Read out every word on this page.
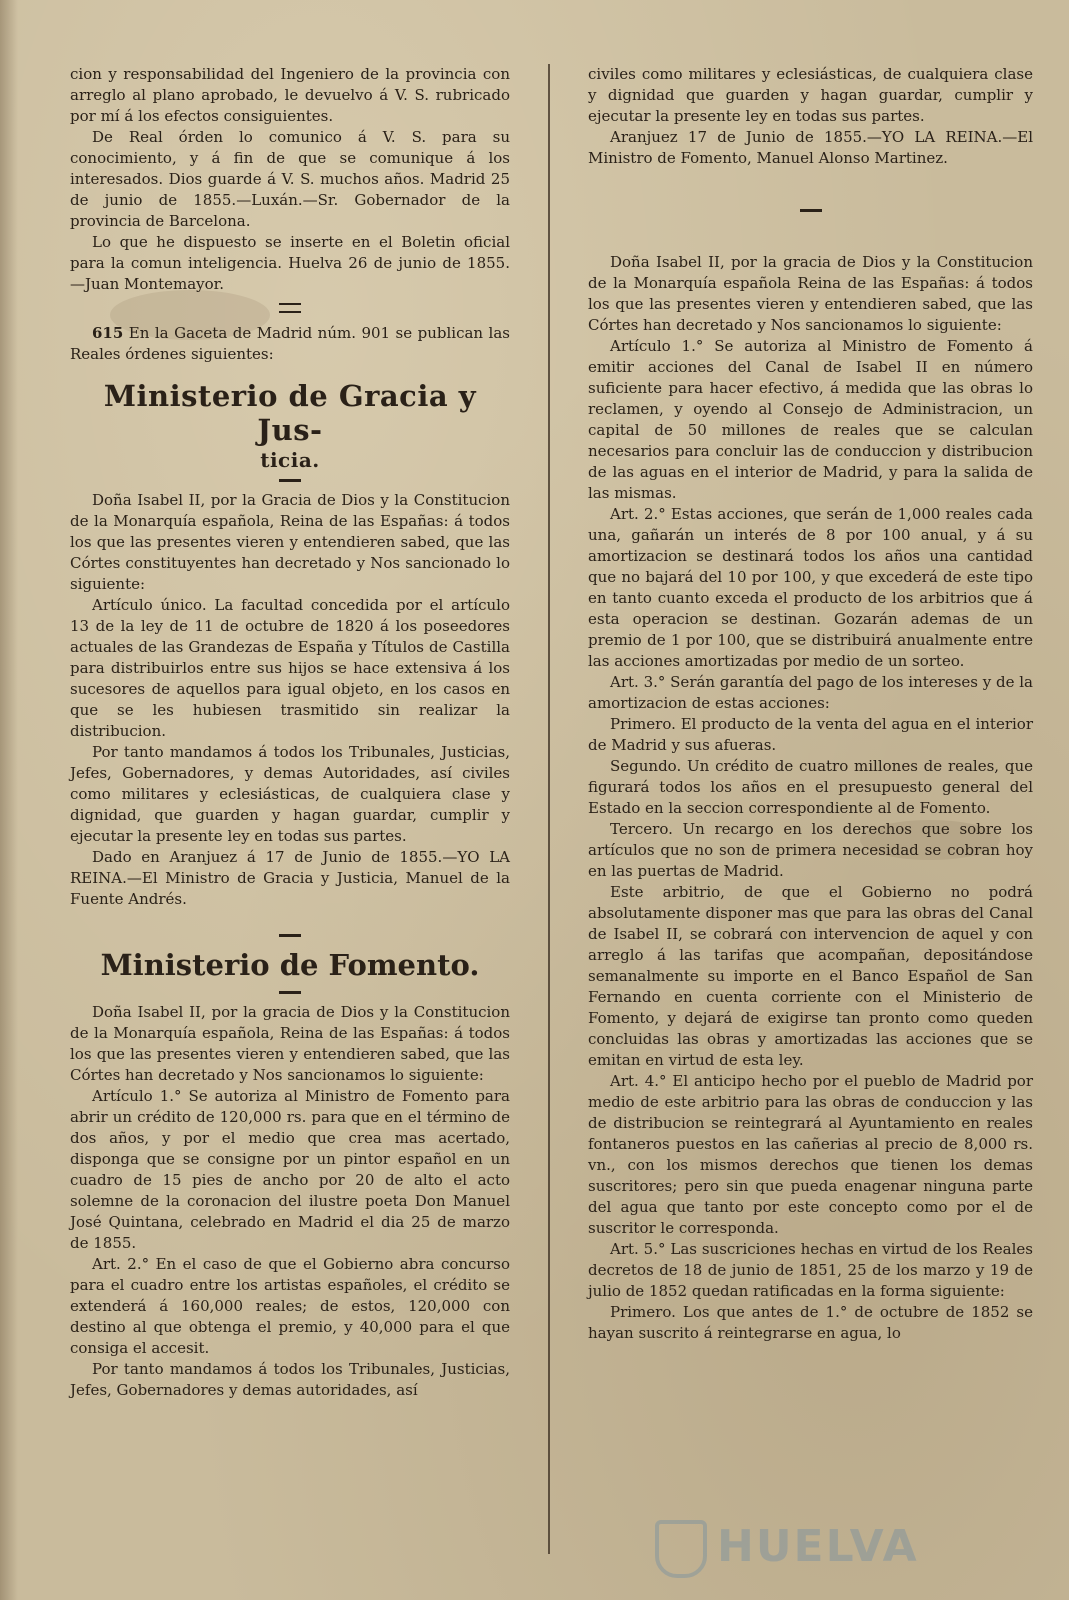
cion y responsabilidad del Ingeniero de la provincia con arreglo al plano aprobado, le devuelvo á V. S. rubricado por mí á los efectos consiguientes.

De Real órden lo comunico á V. S. para su conocimiento, y á fin de que se comunique á los interesados. Dios guarde á V. S. muchos años. Madrid 25 de junio de 1855.—Luxán.—Sr. Gobernador de la provincia de Barcelona.

Lo que he dispuesto se inserte en el Boletin oficial para la comun inteligencia. Huelva 26 de junio de 1855.—Juan Montemayor.

615 En la Gaceta de Madrid núm. 901 se publican las Reales órdenes siguientes:

Ministerio de Gracia y Jus-
ticia.

Doña Isabel II, por la Gracia de Dios y la Constitucion de la Monarquía española, Reina de las Españas: á todos los que las presentes vieren y entendieren sabed, que las Córtes constituyentes han decretado y Nos sancionado lo siguiente:

Artículo único. La facultad concedida por el artículo 13 de la ley de 11 de octubre de 1820 á los poseedores actuales de las Grandezas de España y Títulos de Castilla para distribuirlos entre sus hijos se hace extensiva á los sucesores de aquellos para igual objeto, en los casos en que se les hubiesen trasmitido sin realizar la distribucion.

Por tanto mandamos á todos los Tribunales, Justicias, Jefes, Gobernadores, y demas Autoridades, así civiles como militares y eclesiásticas, de cualquiera clase y dignidad, que guarden y hagan guardar, cumplir y ejecutar la presente ley en todas sus partes.

Dado en Aranjuez á 17 de Junio de 1855.—YO LA REINA.—El Ministro de Gracia y Justicia, Manuel de la Fuente Andrés.

Ministerio de Fomento.

Doña Isabel II, por la gracia de Dios y la Constitucion de la Monarquía española, Reina de las Españas: á todos los que las presentes vieren y entendieren sabed, que las Córtes han decretado y Nos sancionamos lo siguiente:

Artículo 1.° Se autoriza al Ministro de Fomento para abrir un crédito de 120,000 rs. para que en el término de dos años, y por el medio que crea mas acertado, disponga que se consigne por un pintor español en un cuadro de 15 pies de ancho por 20 de alto el acto solemne de la coronacion del ilustre poeta Don Manuel José Quintana, celebrado en Madrid el dia 25 de marzo de 1855.

Art. 2.° En el caso de que el Gobierno abra concurso para el cuadro entre los artistas españoles, el crédito se extenderá á 160,000 reales; de estos, 120,000 con destino al que obtenga el premio, y 40,000 para el que consiga el accesit.

Por tanto mandamos á todos los Tribunales, Justicias, Jefes, Gobernadores y demas autoridades, así

civiles como militares y eclesiásticas, de cualquiera clase y dignidad que guarden y hagan guardar, cumplir y ejecutar la presente ley en todas sus partes.

Aranjuez 17 de Junio de 1855.—YO LA REINA.—El Ministro de Fomento, Manuel Alonso Martinez.

Doña Isabel II, por la gracia de Dios y la Constitucion de la Monarquía española Reina de las Españas: á todos los que las presentes vieren y entendieren sabed, que las Córtes han decretado y Nos sancionamos lo siguiente:

Artículo 1.° Se autoriza al Ministro de Fomento á emitir acciones del Canal de Isabel II en número suficiente para hacer efectivo, á medida que las obras lo reclamen, y oyendo al Consejo de Administracion, un capital de 50 millones de reales que se calculan necesarios para concluir las de conduccion y distribucion de las aguas en el interior de Madrid, y para la salida de las mismas.

Art. 2.° Estas acciones, que serán de 1,000 reales cada una, gañarán un interés de 8 por 100 anual, y á su amortizacion se destinará todos los años una cantidad que no bajará del 10 por 100, y que excederá de este tipo en tanto cuanto exceda el producto de los arbitrios que á esta operacion se destinan. Gozarán ademas de un premio de 1 por 100, que se distribuirá anualmente entre las acciones amortizadas por medio de un sorteo.

Art. 3.° Serán garantía del pago de los intereses y de la amortizacion de estas acciones:

Primero. El producto de la venta del agua en el interior de Madrid y sus afueras.

Segundo. Un crédito de cuatro millones de reales, que figurará todos los años en el presupuesto general del Estado en la seccion correspondiente al de Fomento.

Tercero. Un recargo en los derechos que sobre los artículos que no son de primera necesidad se cobran hoy en las puertas de Madrid.

Este arbitrio, de que el Gobierno no podrá absolutamente disponer mas que para las obras del Canal de Isabel II, se cobrará con intervencion de aquel y con arreglo á las tarifas que acompañan, depositándose semanalmente su importe en el Banco Español de San Fernando en cuenta corriente con el Ministerio de Fomento, y dejará de exigirse tan pronto como queden concluidas las obras y amortizadas las acciones que se emitan en virtud de esta ley.

Art. 4.° El anticipo hecho por el pueblo de Madrid por medio de este arbitrio para las obras de conduccion y las de distribucion se reintegrará al Ayuntamiento en reales fontaneros puestos en las cañerias al precio de 8,000 rs. vn., con los mismos derechos que tienen los demas suscritores; pero sin que pueda enagenar ninguna parte del agua que tanto por este concepto como por el de suscritor le corresponda.

Art. 5.° Las suscriciones hechas en virtud de los Reales decretos de 18 de junio de 1851, 25 de los marzo y 19 de julio de 1852 quedan ratificadas en la forma siguiente:

Primero. Los que antes de 1.° de octubre de 1852 se hayan suscrito á reintegrarse en agua, lo

HUELVA
